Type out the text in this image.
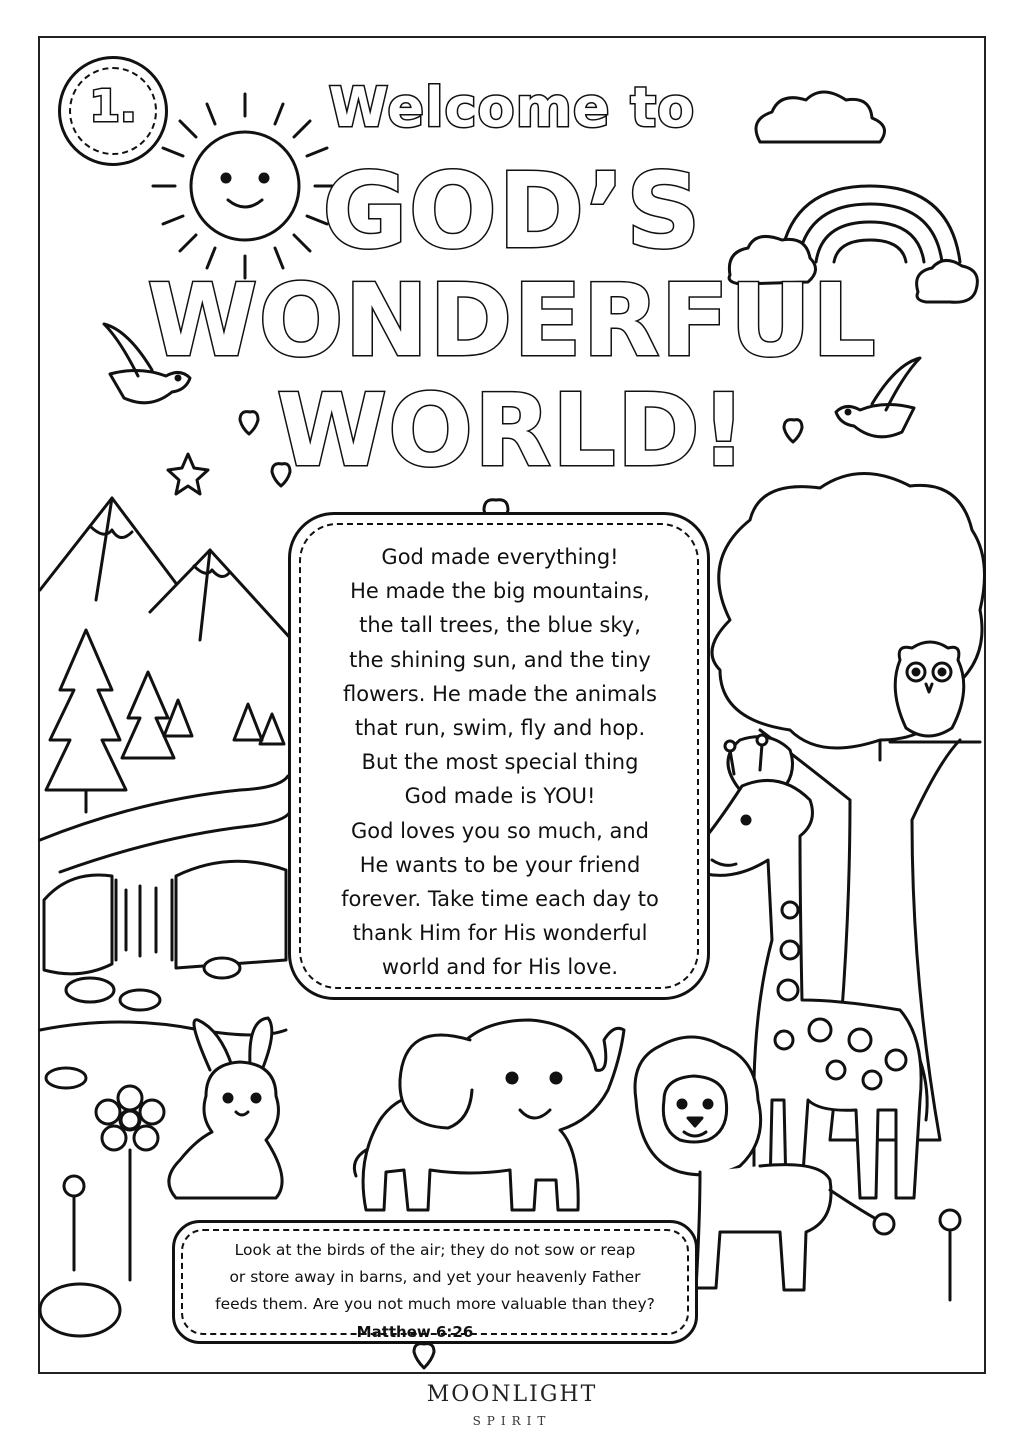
1.	Welcome to
GOD’S
WONDERFUL
WORLD!
God made everything!
He made the big mountains,
the tall trees, the blue sky,
the shining sun, and the tiny
flowers. He made the animals
that run, swim, fly and hop.
But the most special thing
God made is YOU!
God loves you so much, and
He wants to be your friend
forever. Take time each day to
thank Him for His wonderful
world and for His love.
Look at the birds of the air; they do not sow or reap
or store away in barns, and yet your heavenly Father
feeds them. Are you not much more valuable than they?
Matthew 6:26
MOONLIGHT
SPIRIT
